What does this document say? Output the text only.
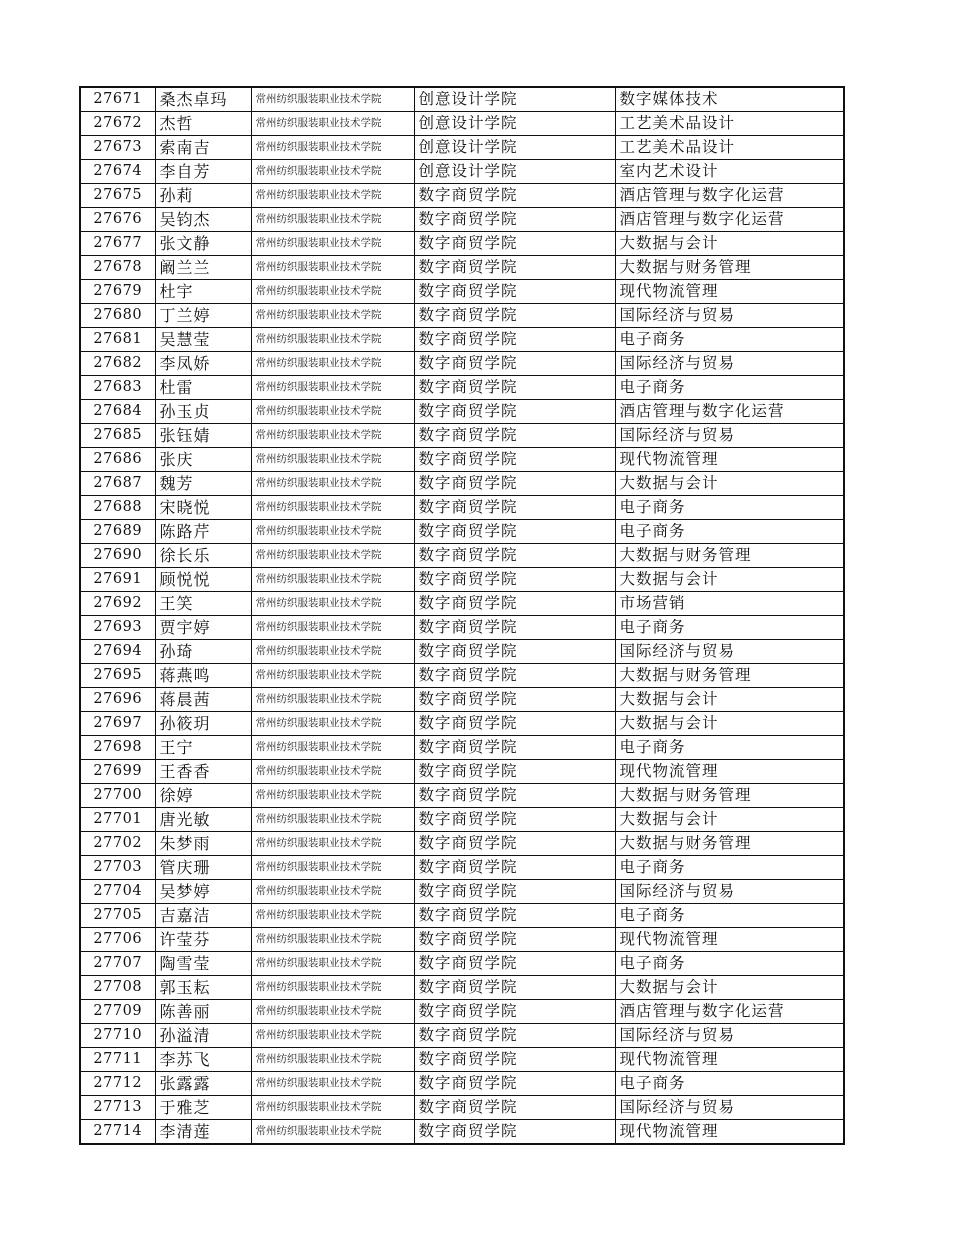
27671	桑杰卓玛	常州纺织服装职业技术学院	创意设计学院	数字媒体技术
27672	杰哲	常州纺织服装职业技术学院	创意设计学院	工艺美术品设计
27673	索南吉	常州纺织服装职业技术学院	创意设计学院	工艺美术品设计
27674	李自芳	常州纺织服装职业技术学院	创意设计学院	室内艺术设计
27675	孙莉	常州纺织服装职业技术学院	数字商贸学院	酒店管理与数字化运营
27676	吴钧杰	常州纺织服装职业技术学院	数字商贸学院	酒店管理与数字化运营
27677	张文静	常州纺织服装职业技术学院	数字商贸学院	大数据与会计
27678	阚兰兰	常州纺织服装职业技术学院	数字商贸学院	大数据与财务管理
27679	杜宇	常州纺织服装职业技术学院	数字商贸学院	现代物流管理
27680	丁兰婷	常州纺织服装职业技术学院	数字商贸学院	国际经济与贸易
27681	吴慧莹	常州纺织服装职业技术学院	数字商贸学院	电子商务
27682	李凤娇	常州纺织服装职业技术学院	数字商贸学院	国际经济与贸易
27683	杜雷	常州纺织服装职业技术学院	数字商贸学院	电子商务
27684	孙玉贞	常州纺织服装职业技术学院	数字商贸学院	酒店管理与数字化运营
27685	张钰婧	常州纺织服装职业技术学院	数字商贸学院	国际经济与贸易
27686	张庆	常州纺织服装职业技术学院	数字商贸学院	现代物流管理
27687	魏芳	常州纺织服装职业技术学院	数字商贸学院	大数据与会计
27688	宋晓悦	常州纺织服装职业技术学院	数字商贸学院	电子商务
27689	陈路芹	常州纺织服装职业技术学院	数字商贸学院	电子商务
27690	徐长乐	常州纺织服装职业技术学院	数字商贸学院	大数据与财务管理
27691	顾悦悦	常州纺织服装职业技术学院	数字商贸学院	大数据与会计
27692	王笑	常州纺织服装职业技术学院	数字商贸学院	市场营销
27693	贾宇婷	常州纺织服装职业技术学院	数字商贸学院	电子商务
27694	孙琦	常州纺织服装职业技术学院	数字商贸学院	国际经济与贸易
27695	蒋燕鸣	常州纺织服装职业技术学院	数字商贸学院	大数据与财务管理
27696	蒋晨茜	常州纺织服装职业技术学院	数字商贸学院	大数据与会计
27697	孙筱玥	常州纺织服装职业技术学院	数字商贸学院	大数据与会计
27698	王宁	常州纺织服装职业技术学院	数字商贸学院	电子商务
27699	王香香	常州纺织服装职业技术学院	数字商贸学院	现代物流管理
27700	徐婷	常州纺织服装职业技术学院	数字商贸学院	大数据与财务管理
27701	唐光敏	常州纺织服装职业技术学院	数字商贸学院	大数据与会计
27702	朱梦雨	常州纺织服装职业技术学院	数字商贸学院	大数据与财务管理
27703	管庆珊	常州纺织服装职业技术学院	数字商贸学院	电子商务
27704	吴梦婷	常州纺织服装职业技术学院	数字商贸学院	国际经济与贸易
27705	吉嘉洁	常州纺织服装职业技术学院	数字商贸学院	电子商务
27706	许莹芬	常州纺织服装职业技术学院	数字商贸学院	现代物流管理
27707	陶雪莹	常州纺织服装职业技术学院	数字商贸学院	电子商务
27708	郭玉耘	常州纺织服装职业技术学院	数字商贸学院	大数据与会计
27709	陈善丽	常州纺织服装职业技术学院	数字商贸学院	酒店管理与数字化运营
27710	孙溢清	常州纺织服装职业技术学院	数字商贸学院	国际经济与贸易
27711	李苏飞	常州纺织服装职业技术学院	数字商贸学院	现代物流管理
27712	张露露	常州纺织服装职业技术学院	数字商贸学院	电子商务
27713	于雅芝	常州纺织服装职业技术学院	数字商贸学院	国际经济与贸易
27714	李清莲	常州纺织服装职业技术学院	数字商贸学院	现代物流管理
